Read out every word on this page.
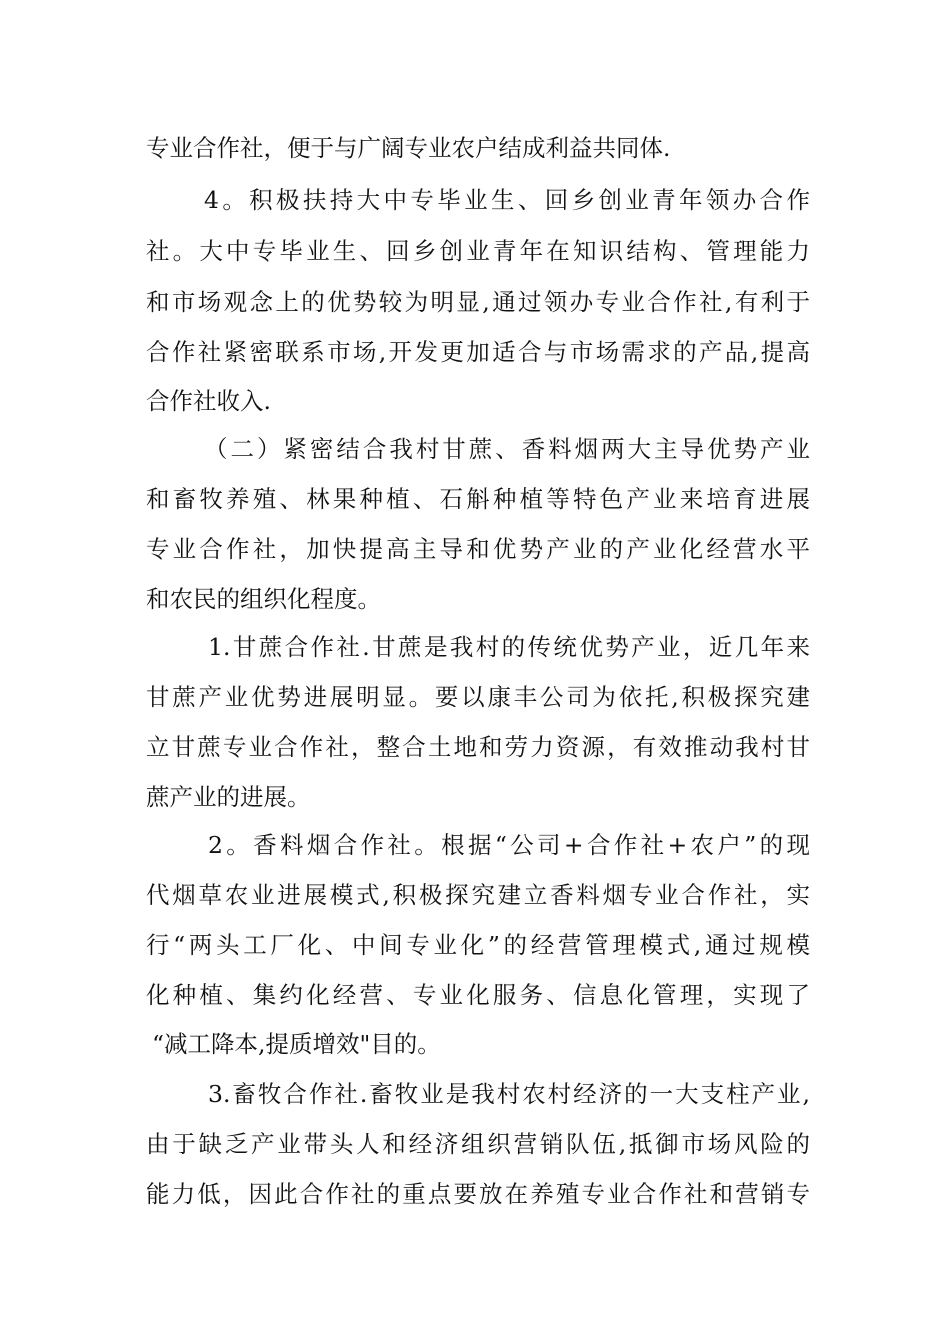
专业合作社，便于与广阔专业农户结成利益共同体.
4。积极扶持大中专毕业生、回乡创业青年领办合作
社。大中专毕业生、回乡创业青年在知识结构、管理能力
和市场观念上的优势较为明显,通过领办专业合作社,有利于
合作社紧密联系市场,开发更加适合与市场需求的产品,提高
合作社收入.
（二）紧密结合我村甘蔗、香料烟两大主导优势产业
和畜牧养殖、林果种植、石斛种植等特色产业来培育进展
专业合作社，加快提高主导和优势产业的产业化经营水平
和农民的组织化程度。
1.甘蔗合作社.甘蔗是我村的传统优势产业，近几年来
甘蔗产业优势进展明显。要以康丰公司为依托,积极探究建
立甘蔗专业合作社，整合土地和劳力资源，有效推动我村甘
蔗产业的进展。
2。香料烟合作社。根据“公司+合作社+农户”的现
代烟草农业进展模式,积极探究建立香料烟专业合作社，实
行“两头工厂化、中间专业化”的经营管理模式,通过规模
化种植、集约化经营、专业化服务、信息化管理，实现了
“减工降本,提质增效"目的。
3.畜牧合作社.畜牧业是我村农村经济的一大支柱产业,
由于缺乏产业带头人和经济组织营销队伍,抵御市场风险的
能力低，因此合作社的重点要放在养殖专业合作社和营销专
